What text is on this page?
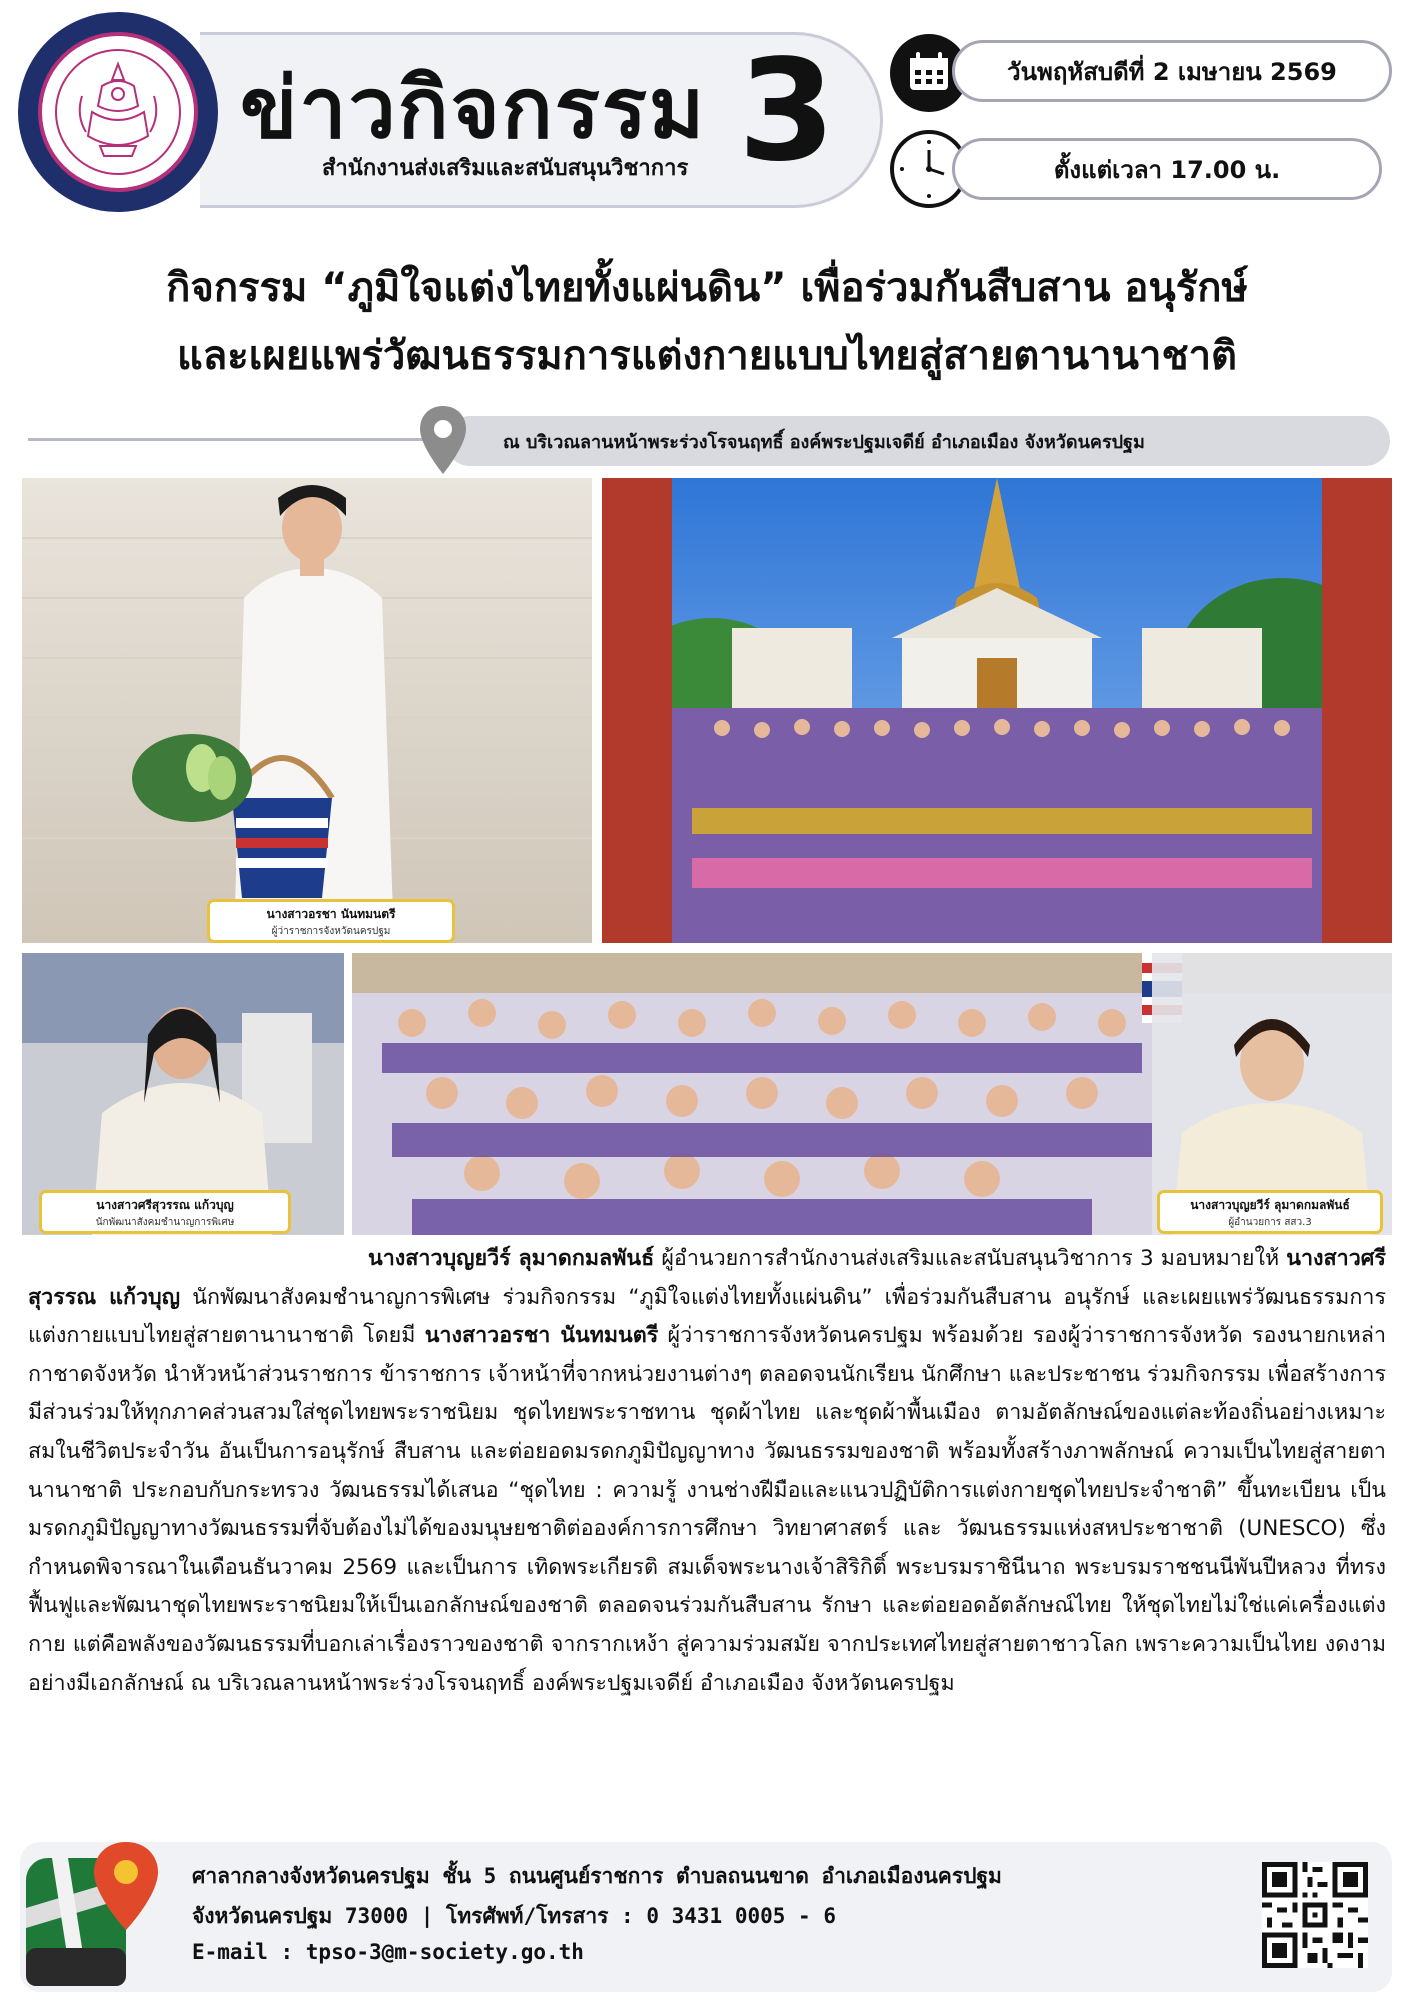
ข่าวกิจกรรม 3
สำนักงานส่งเสริมและสนับสนุนวิชาการ
วันพฤหัสบดีที่ 2 เมษายน 2569
ตั้งแต่เวลา 17.00 น.
กิจกรรม “ภูมิใจแต่งไทยทั้งแผ่นดิน” เพื่อร่วมกันสืบสาน อนุรักษ์
และเผยแพร่วัฒนธรรมการแต่งกายแบบไทยสู่สายตานานาชาติ
ณ บริเวณลานหน้าพระร่วงโรจนฤทธิ์ องค์พระปฐมเจดีย์ อำเภอเมือง จังหวัดนครปฐม
นางสาวอรชา นันทมนตรี
ผู้ว่าราชการจังหวัดนครปฐม
นางสาวศรีสุวรรณ แก้วบุญ
นักพัฒนาสังคมชำนาญการพิเศษ
นางสาวบุญยวีร์ ลุมาดกมลพันธ์
ผู้อำนวยการ สสว.3

นางสาวบุญยวีร์ ลุมาดกมลพันธ์ ผู้อำนวยการสำนักงานส่งเสริมและสนับสนุนวิชาการ 3 มอบหมายให้ นางสาวศรีสุวรรณ แก้วบุญ นักพัฒนาสังคมชำนาญการพิเศษ ร่วมกิจกรรม “ภูมิใจแต่งไทยทั้งแผ่นดิน” เพื่อร่วมกันสืบสาน อนุรักษ์ และเผยแพร่วัฒนธรรมการแต่งกายแบบไทยสู่สายตานานาชาติ โดยมี นางสาวอรชา นันทมนตรี ผู้ว่าราชการจังหวัดนครปฐม พร้อมด้วย รองผู้ว่าราชการจังหวัด รองนายกเหล่ากาชาดจังหวัด นำหัวหน้าส่วนราชการ ข้าราชการ เจ้าหน้าที่จากหน่วยงานต่างๆ ตลอดจนนักเรียน นักศึกษา และประชาชน ร่วมกิจกรรม เพื่อสร้างการมีส่วนร่วมให้ทุกภาคส่วนสวมใส่ชุดไทยพระราชนิยม ชุดไทยพระราชทาน ชุดผ้าไทย และชุดผ้าพื้นเมือง ตามอัตลักษณ์ของแต่ละท้องถิ่นอย่างเหมาะสมในชีวิตประจำวัน อันเป็นการอนุรักษ์ สืบสาน และต่อยอดมรดกภูมิปัญญาทาง วัฒนธรรมของชาติ พร้อมทั้งสร้างภาพลักษณ์ ความเป็นไทยสู่สายตานานาชาติ ประกอบกับกระทรวง วัฒนธรรมได้เสนอ “ชุดไทย : ความรู้ งานช่างฝีมือและแนวปฏิบัติการแต่งกายชุดไทยประจำชาติ” ขึ้นทะเบียน เป็นมรดกภูมิปัญญาทางวัฒนธรรมที่จับต้องไม่ได้ของมนุษยชาติต่อองค์การการศึกษา วิทยาศาสตร์ และ วัฒนธรรมแห่งสหประชาชาติ (UNESCO) ซึ่งกำหนดพิจารณาในเดือนธันวาคม 2569 และเป็นการ เทิดพระเกียรติ สมเด็จพระนางเจ้าสิริกิติ์ พระบรมราชินีนาถ พระบรมราชชนนีพันปีหลวง ที่ทรงฟื้นฟูและพัฒนาชุดไทยพระราชนิยมให้เป็นเอกลักษณ์ของชาติ ตลอดจนร่วมกันสืบสาน รักษา และต่อยอดอัตลักษณ์ไทย ให้ชุดไทยไม่ใช่แค่เครื่องแต่งกาย แต่คือพลังของวัฒนธรรมที่บอกเล่าเรื่องราวของชาติ จากรากเหง้า สู่ความร่วมสมัย จากประเทศไทยสู่สายตาชาวโลก เพราะความเป็นไทย งดงามอย่างมีเอกลักษณ์ ณ บริเวณลานหน้าพระร่วงโรจนฤทธิ์ องค์พระปฐมเจดีย์ อำเภอเมือง จังหวัดนครปฐม

ศาลากลางจังหวัดนครปฐม ชั้น 5 ถนนศูนย์ราชการ ตำบลถนนขาด อำเภอเมืองนครปฐม
จังหวัดนครปฐม 73000 | โทรศัพท์/โทรสาร : 0 3431 0005 - 6
E-mail : tpso-3@m-society.go.th
